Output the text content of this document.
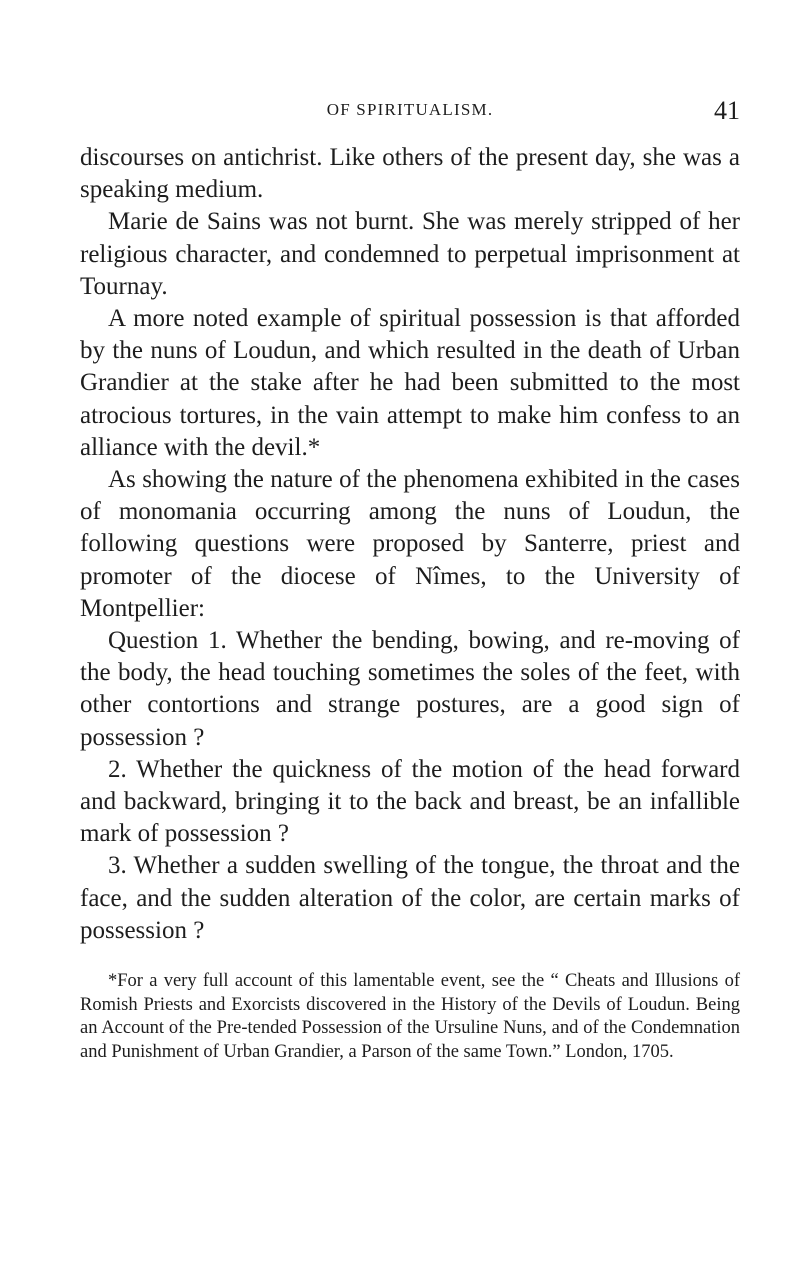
OF SPIRITUALISM.	41

discourses on antichrist. Like others of the present day, she was a speaking medium.

Marie de Sains was not burnt. She was merely stripped of her religious character, and condemned to perpetual imprisonment at Tournay.

A more noted example of spiritual possession is that afforded by the nuns of Loudun, and which resulted in the death of Urban Grandier at the stake after he had been submitted to the most atrocious tortures, in the vain attempt to make him confess to an alliance with the devil.*

As showing the nature of the phenomena exhibited in the cases of monomania occurring among the nuns of Loudun, the following questions were proposed by Santerre, priest and promoter of the diocese of Nîmes, to the University of Montpellier:

Question 1. Whether the bending, bowing, and re-moving of the body, the head touching sometimes the soles of the feet, with other contortions and strange postures, are a good sign of possession ?

2. Whether the quickness of the motion of the head forward and backward, bringing it to the back and breast, be an infallible mark of possession ?

3. Whether a sudden swelling of the tongue, the throat and the face, and the sudden alteration of the color, are certain marks of possession ?

*For a very full account of this lamentable event, see the “ Cheats and Illusions of Romish Priests and Exorcists discovered in the History of the Devils of Loudun. Being an Account of the Pre-tended Possession of the Ursuline Nuns, and of the Condemnation and Punishment of Urban Grandier, a Parson of the same Town.” London, 1705.
